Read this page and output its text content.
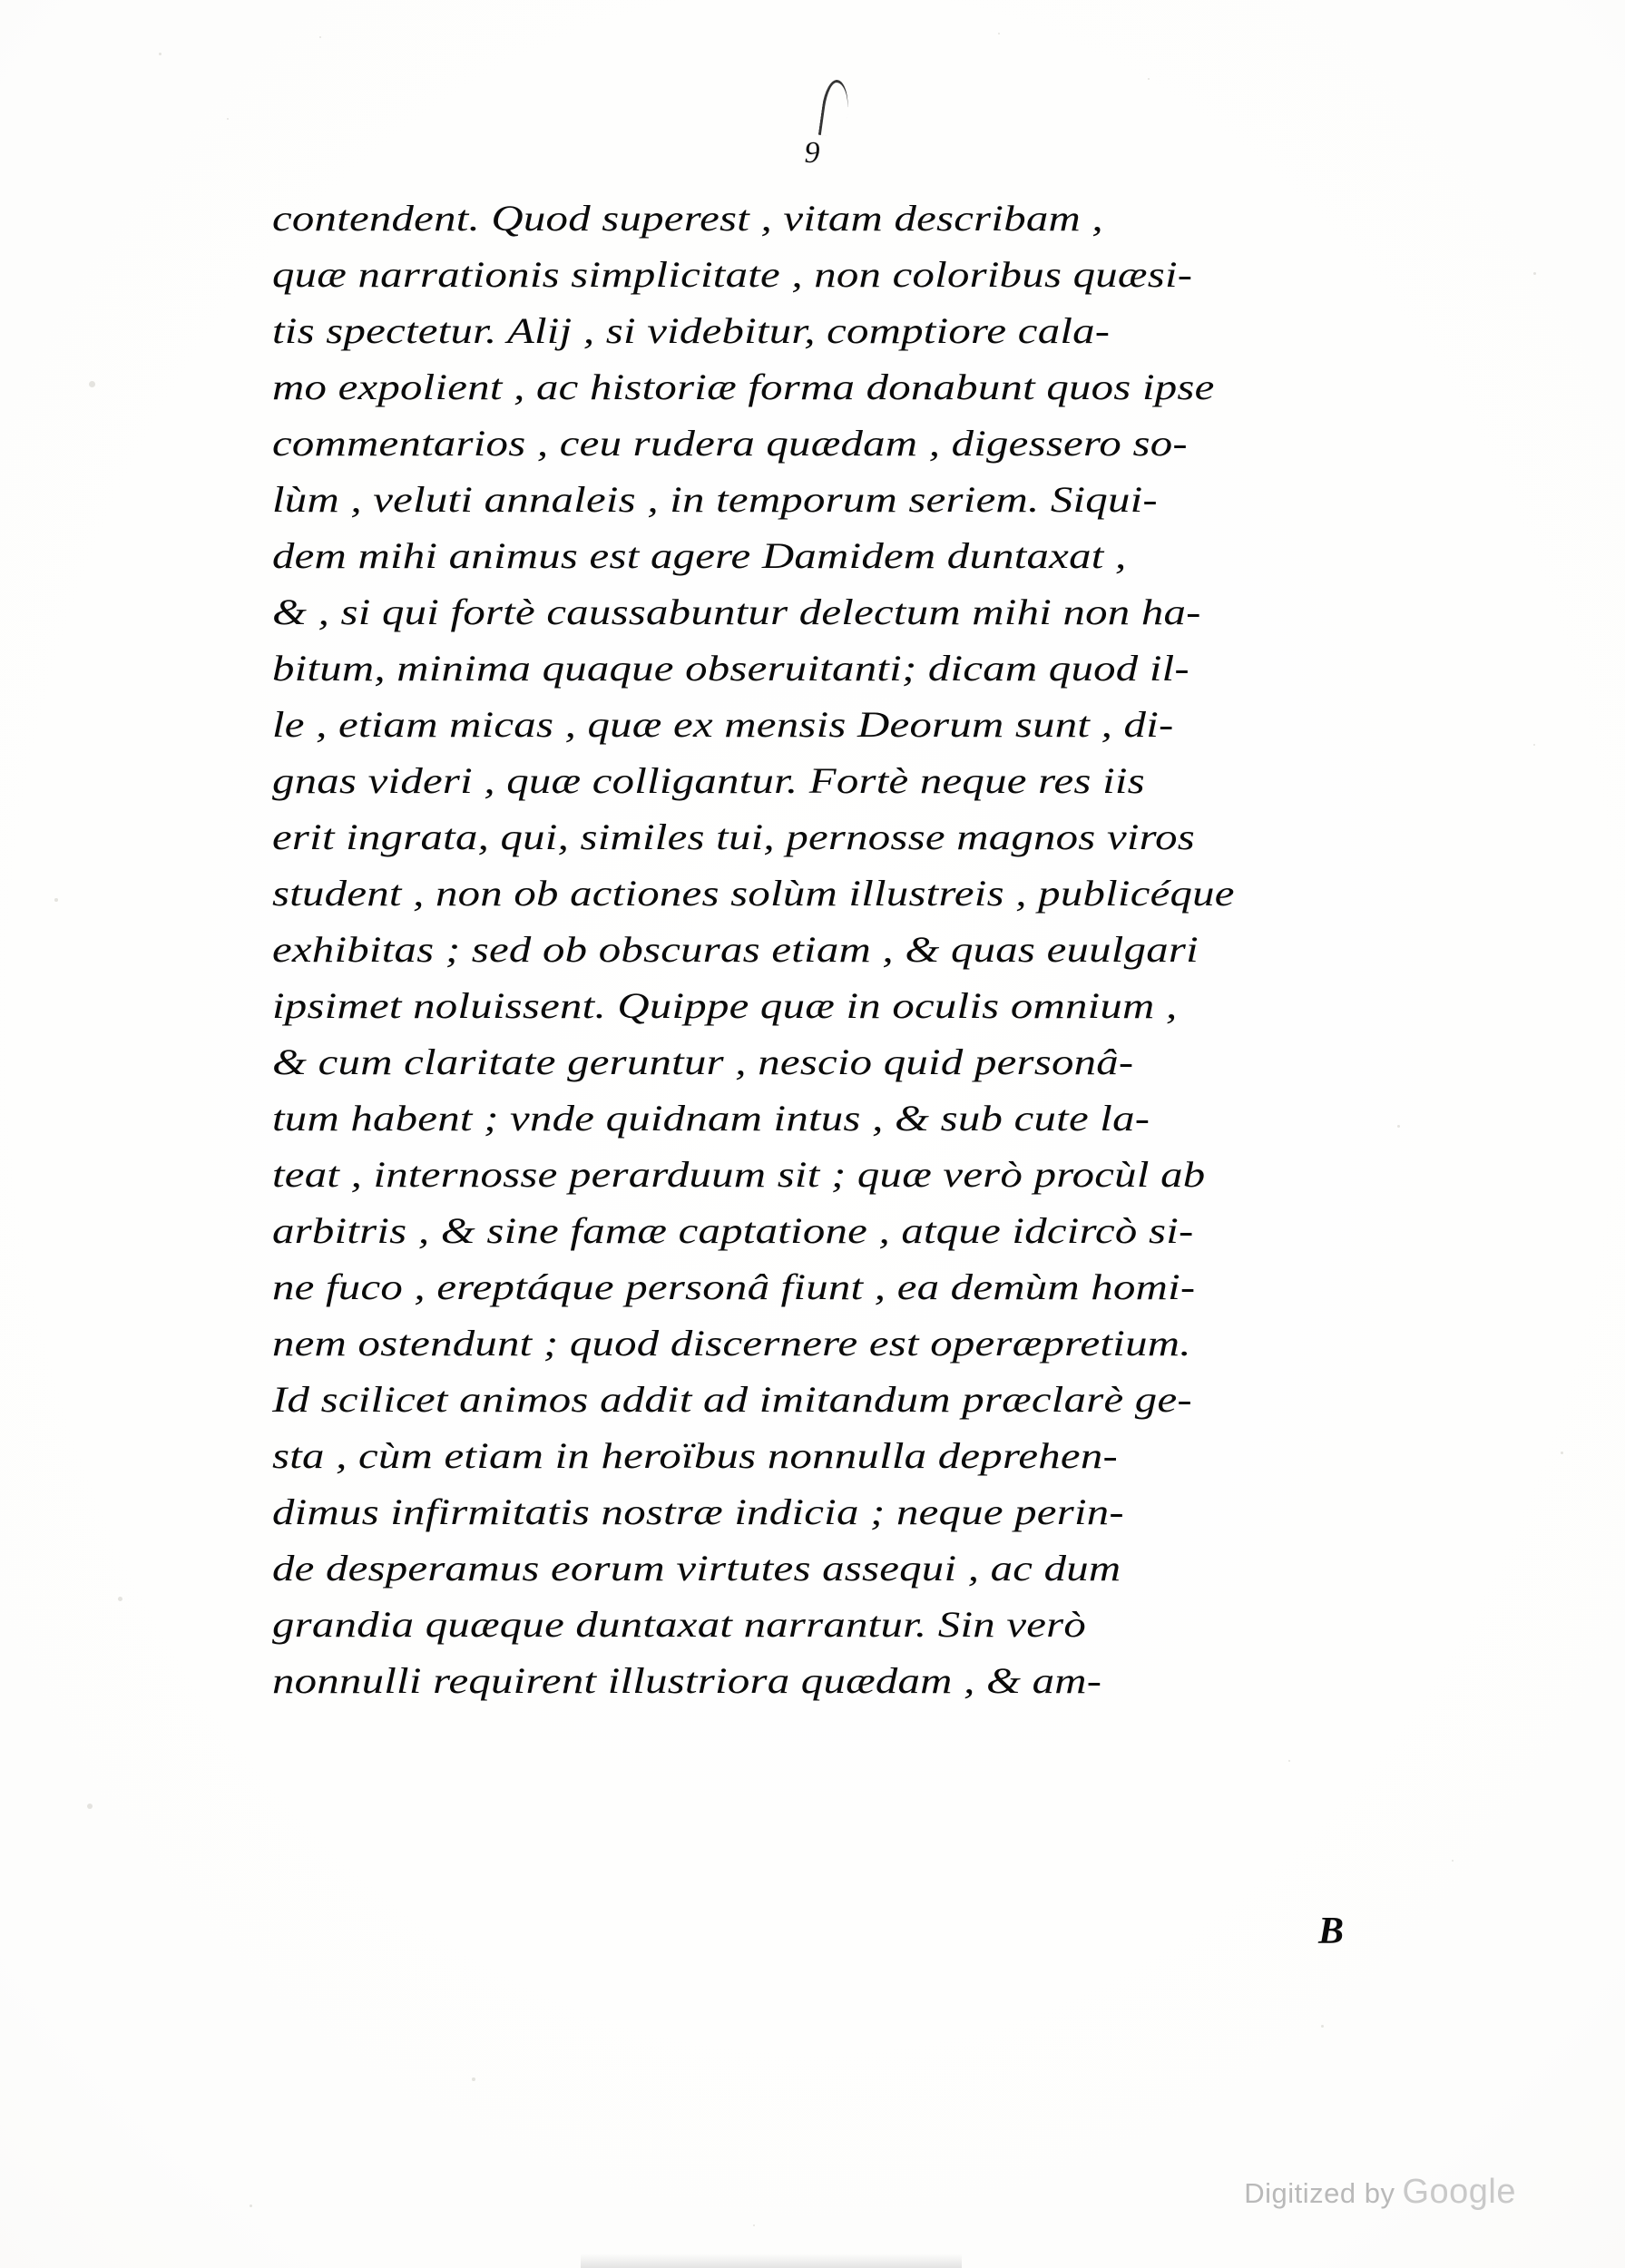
9
contendent. Quod superest , vitam describam ,
quæ narrationis simplicitate , non coloribus quæsi-
tis spectetur. Alij , si videbitur, comptiore cala-
mo expolient , ac historiæ forma donabunt quos ipse
commentarios , ceu rudera quædam , digessero so-
lùm , veluti annaleis , in temporum seriem. Siqui-
dem mihi animus est agere Damidem duntaxat ,
& , si qui fortè caussabuntur delectum mihi non ha-
bitum, minima quaque obseruitanti; dicam quod il-
le , etiam micas , quæ ex mensis Deorum sunt , di-
gnas videri , quæ colligantur. Fortè neque res iis
erit ingrata, qui, similes tui, pernosse magnos viros
student , non ob actiones solùm illustreis , publicéque
exhibitas ; sed ob obscuras etiam , & quas euulgari
ipsimet noluissent. Quippe quæ in oculis omnium ,
& cum claritate geruntur , nescio quid personâ-
tum habent ; vnde quidnam intus , & sub cute la-
teat , internosse perarduum sit ; quæ verò procùl ab
arbitris , & sine famæ captatione , atque idcircò si-
ne fuco , ereptáque personâ fiunt , ea demùm homi-
nem ostendunt ; quod discernere est operæpretium.
Id scilicet animos addit ad imitandum præclarè ge-
sta , cùm etiam in heroïbus nonnulla deprehen-
dimus infirmitatis nostræ indicia ; neque perin-
de desperamus eorum virtutes assequi , ac dum
grandia quæque duntaxat narrantur. Sin verò
nonnulli requirent illustriora quædam , & am-
B
Digitized by Google
